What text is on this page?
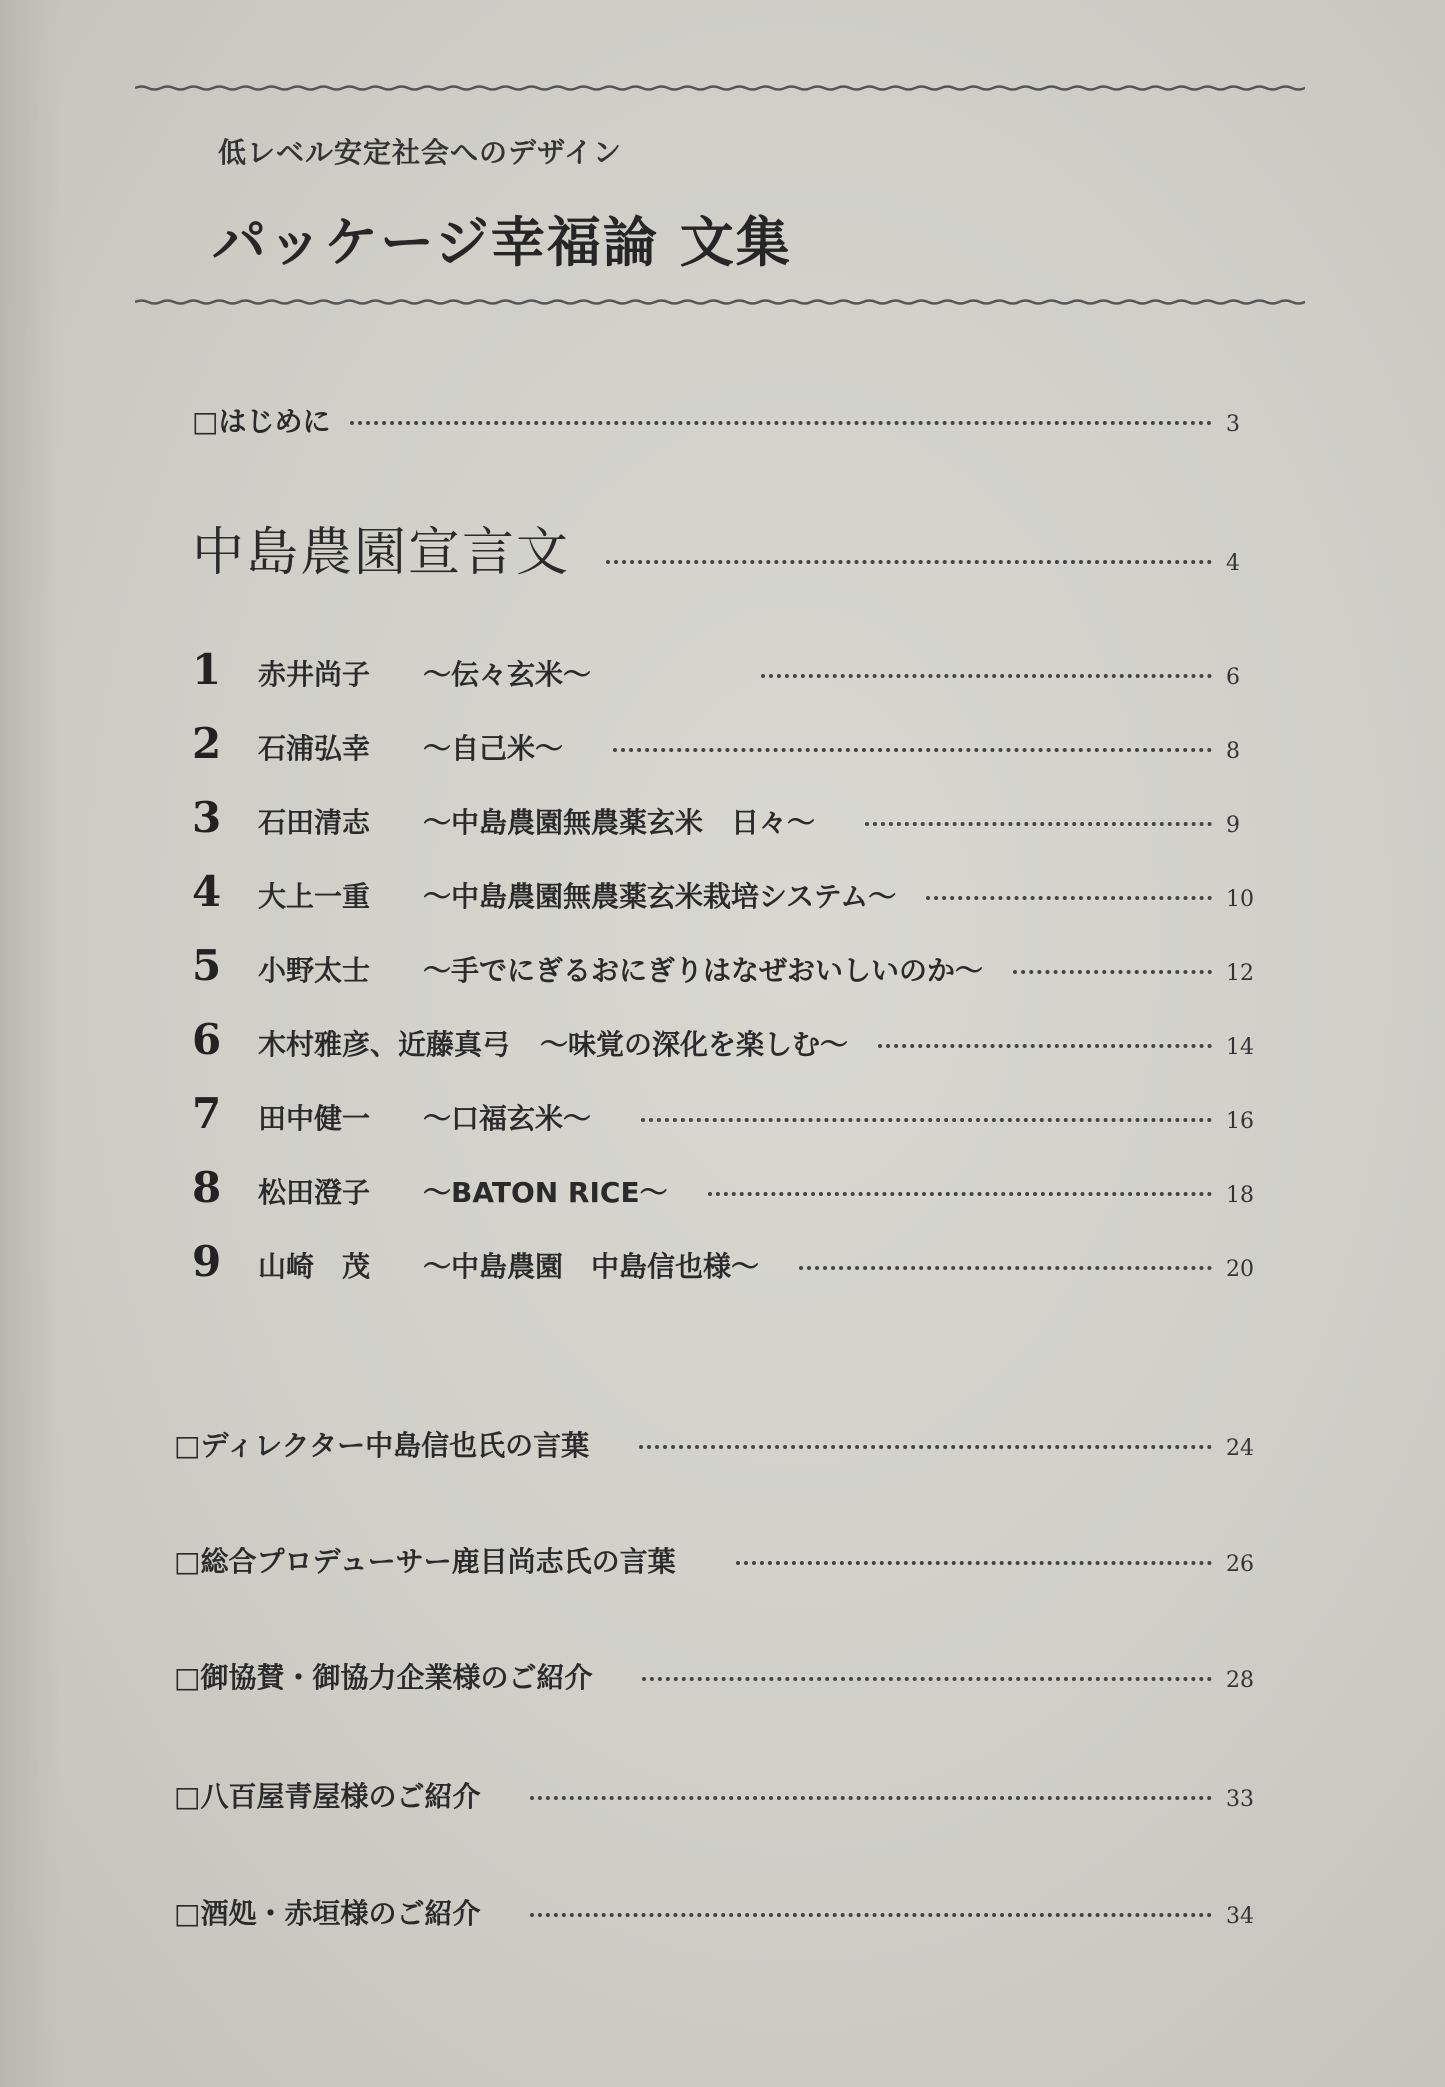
低レベル安定社会へのデザイン
パッケージ幸福論 文集
□はじめに	3
中島農園宣言文	4
1	赤井尚子	～伝々玄米～	6
2	石浦弘幸	～自己米～	8
3	石田清志	～中島農園無農薬玄米　日々～	9
4	大上一重	～中島農園無農薬玄米栽培システム～	10
5	小野太士	～手でにぎるおにぎりはなぜおいしいのか～	12
6	木村雅彦、近藤真弓 ～味覚の深化を楽しむ～	14
7	田中健一	～口福玄米～	16
8	松田澄子	～BATON RICE～	18
9	山崎　茂	～中島農園　中島信也様～	20
□ディレクター中島信也氏の言葉	24
□総合プロデューサー鹿目尚志氏の言葉	26
□御協賛・御協力企業様のご紹介	28
□八百屋青屋様のご紹介	33
□酒処・赤垣様のご紹介	34
